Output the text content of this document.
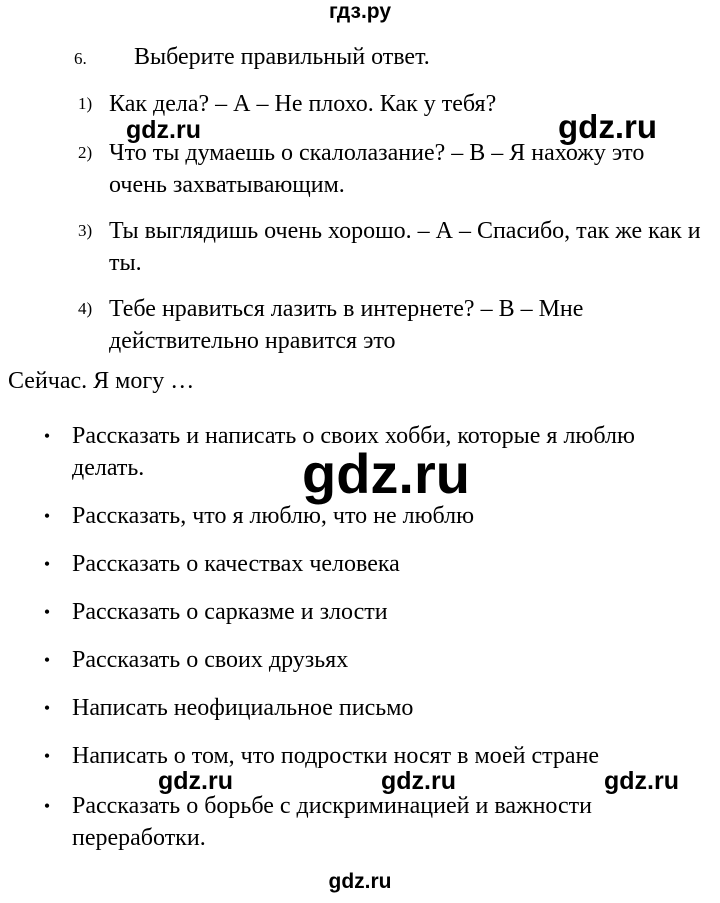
гдз.ру
6. Выберите правильный ответ.
1) Как дела? – А – Не плохо. Как у тебя?
2) Что ты думаешь о скалолазание? – В – Я нахожу это очень захватывающим.
3) Ты выглядишь очень хорошо. – А – Спасибо, так же как и ты.
4) Тебе нравиться лазить в интернете? – В – Мне действительно нравится это
Сейчас. Я могу …
• Рассказать и написать о своих хобби, которые я люблю делать.
• Рассказать, что я люблю, что не люблю
• Рассказать о качествах человека
• Рассказать о сарказме и злости
• Рассказать о своих друзьях
• Написать неофициальное письмо
• Написать о том, что подростки носят в моей стране
• Рассказать о борьбе с дискриминацией и важности переработки.
gdz.ru	gdz.ru
gdz.ru
gdz.ru	gdz.ru	gdz.ru
gdz.ru
